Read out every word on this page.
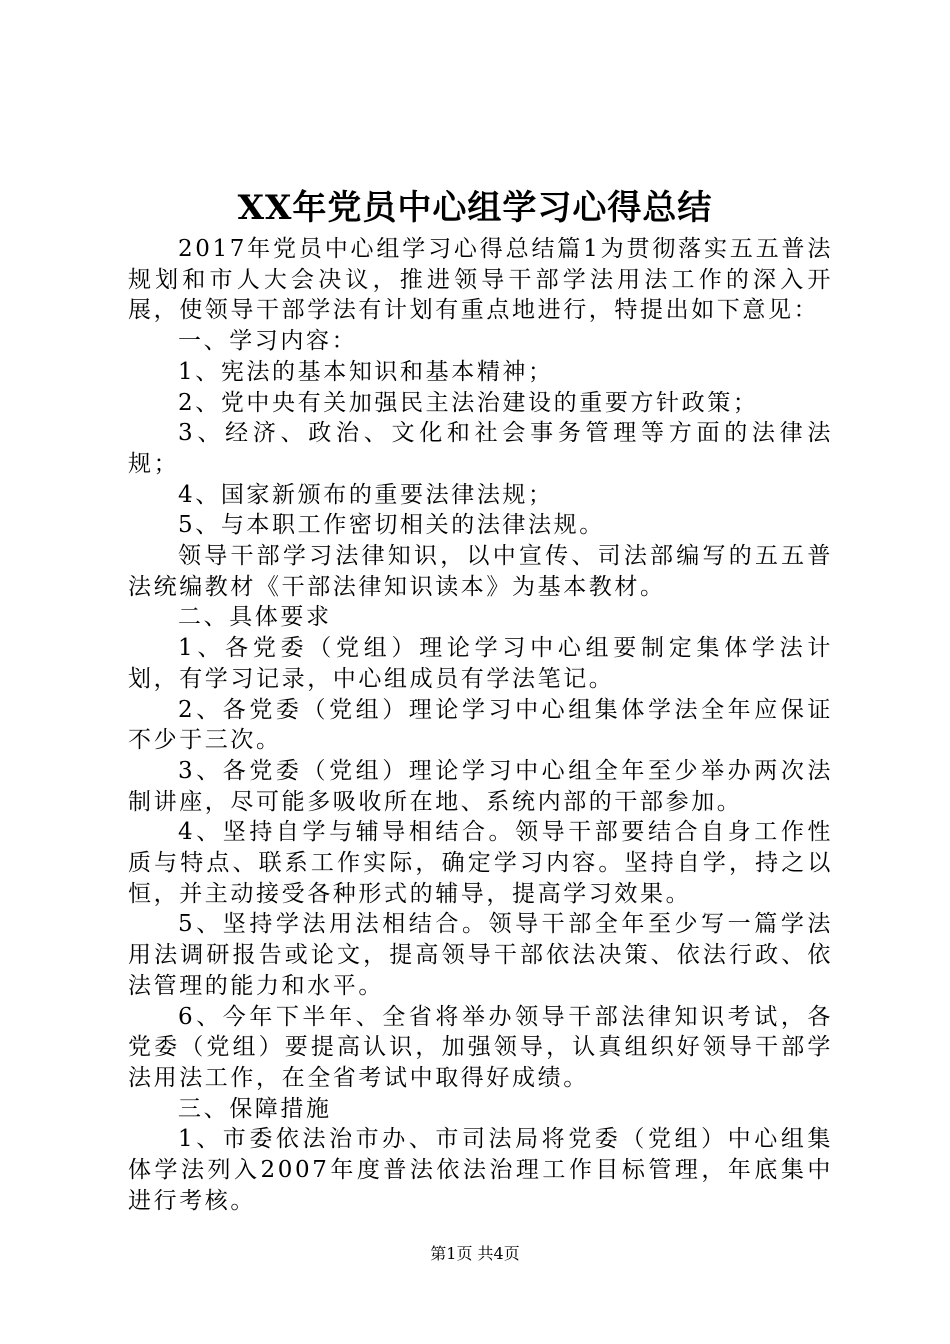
XX年党员中心组学习心得总结

2017年党员中心组学习心得总结篇1为贯彻落实五五普法规划和市人大会决议，推进领导干部学法用法工作的深入开展，使领导干部学法有计划有重点地进行，特提出如下意见：

一、学习内容：

1、宪法的基本知识和基本精神；

2、党中央有关加强民主法治建设的重要方针政策；

3、经济、政治、文化和社会事务管理等方面的法律法规；

4、国家新颁布的重要法律法规；

5、与本职工作密切相关的法律法规。

领导干部学习法律知识，以中宣传、司法部编写的五五普法统编教材《干部法律知识读本》为基本教材。

二、具体要求

1、各党委（党组）理论学习中心组要制定集体学法计划，有学习记录，中心组成员有学法笔记。

2、各党委（党组）理论学习中心组集体学法全年应保证不少于三次。

3、各党委（党组）理论学习中心组全年至少举办两次法制讲座，尽可能多吸收所在地、系统内部的干部参加。

4、坚持自学与辅导相结合。领导干部要结合自身工作性质与特点、联系工作实际，确定学习内容。坚持自学，持之以恒，并主动接受各种形式的辅导，提高学习效果。

5、坚持学法用法相结合。领导干部全年至少写一篇学法用法调研报告或论文，提高领导干部依法决策、依法行政、依法管理的能力和水平。

6、今年下半年、全省将举办领导干部法律知识考试，各党委（党组）要提高认识，加强领导，认真组织好领导干部学法用法工作，在全省考试中取得好成绩。

三、保障措施

1、市委依法治市办、市司法局将党委（党组）中心组集体学法列入2007年度普法依法治理工作目标管理，年底集中进行考核。

第1页 共4页
